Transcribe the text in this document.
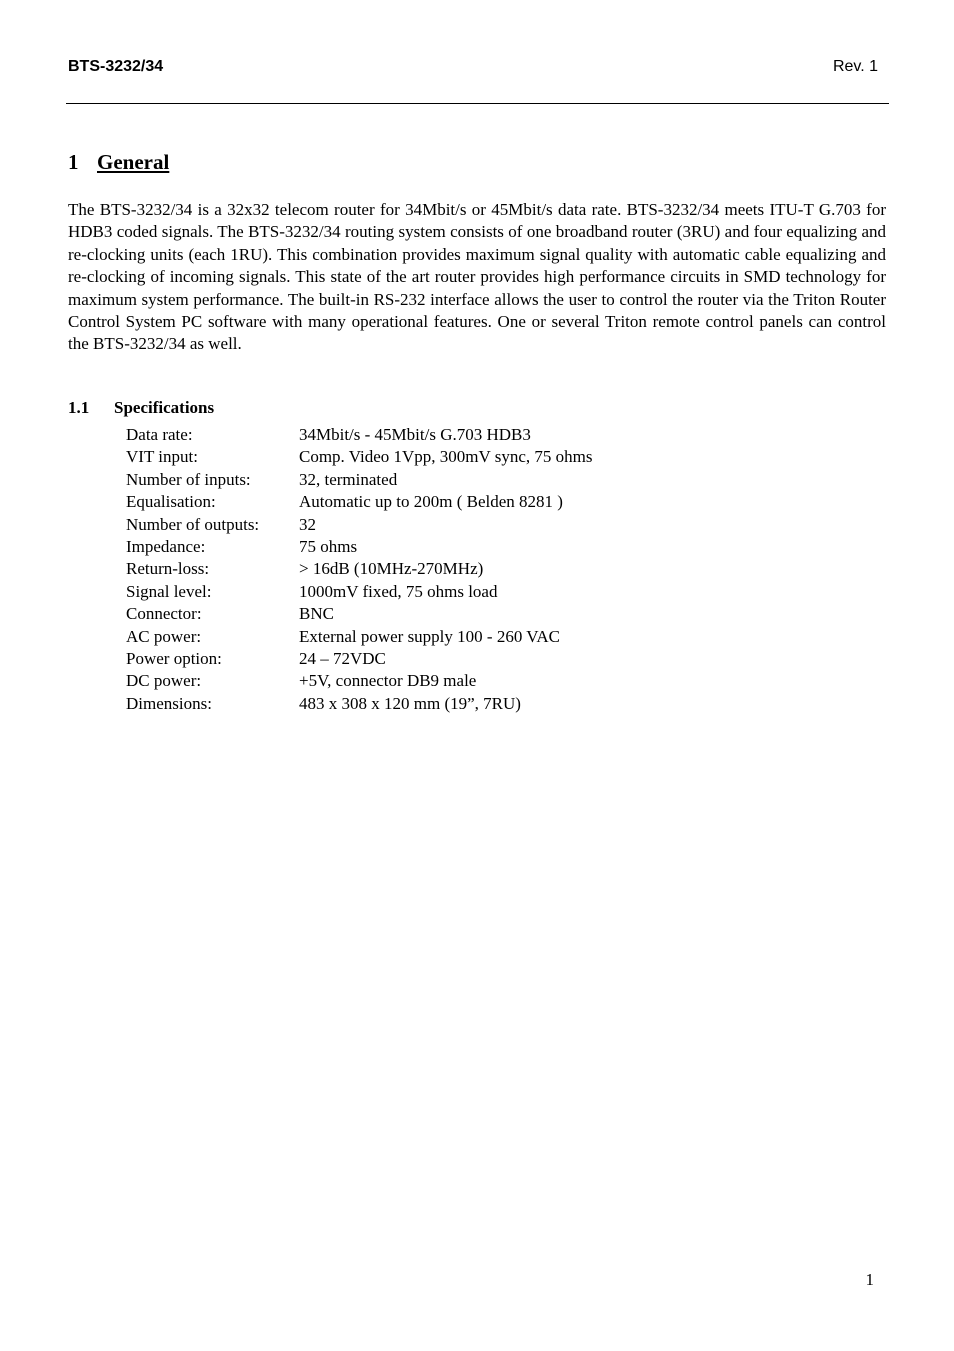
BTS-3232/34	Rev. 1
1 General

The BTS-3232/34 is a 32x32 telecom router for 34Mbit/s or 45Mbit/s data rate. BTS-3232/34 meets ITU-T G.703 for HDB3 coded signals. The BTS-3232/34 routing system consists of one broadband router (3RU) and four equalizing and re-clocking units (each 1RU). This combination provides maximum signal quality with automatic cable equalizing and re-clocking of incoming signals. This state of the art router provides high performance circuits in SMD technology for maximum system performance. The built-in RS-232 interface allows the user to control the router via the Triton Router Control System PC software with many operational features. One or several Triton remote control panels can control the BTS-3232/34 as well.

1.1 Specifications
Data rate:	34Mbit/s - 45Mbit/s G.703 HDB3
VIT input:	Comp. Video 1Vpp, 300mV sync, 75 ohms
Number of inputs:	32, terminated
Equalisation:	Automatic up to 200m ( Belden 8281 )
Number of outputs: 32
Impedance:	75 ohms
Return-loss:	> 16dB (10MHz-270MHz)
Signal level:	1000mV fixed, 75 ohms load
Connector:	BNC
AC power:	External power supply 100 - 260 VAC
Power option:	24 – 72VDC
DC power:	+5V, connector DB9 male
Dimensions:	483 x 308 x 120 mm (19”, 7RU)
1
